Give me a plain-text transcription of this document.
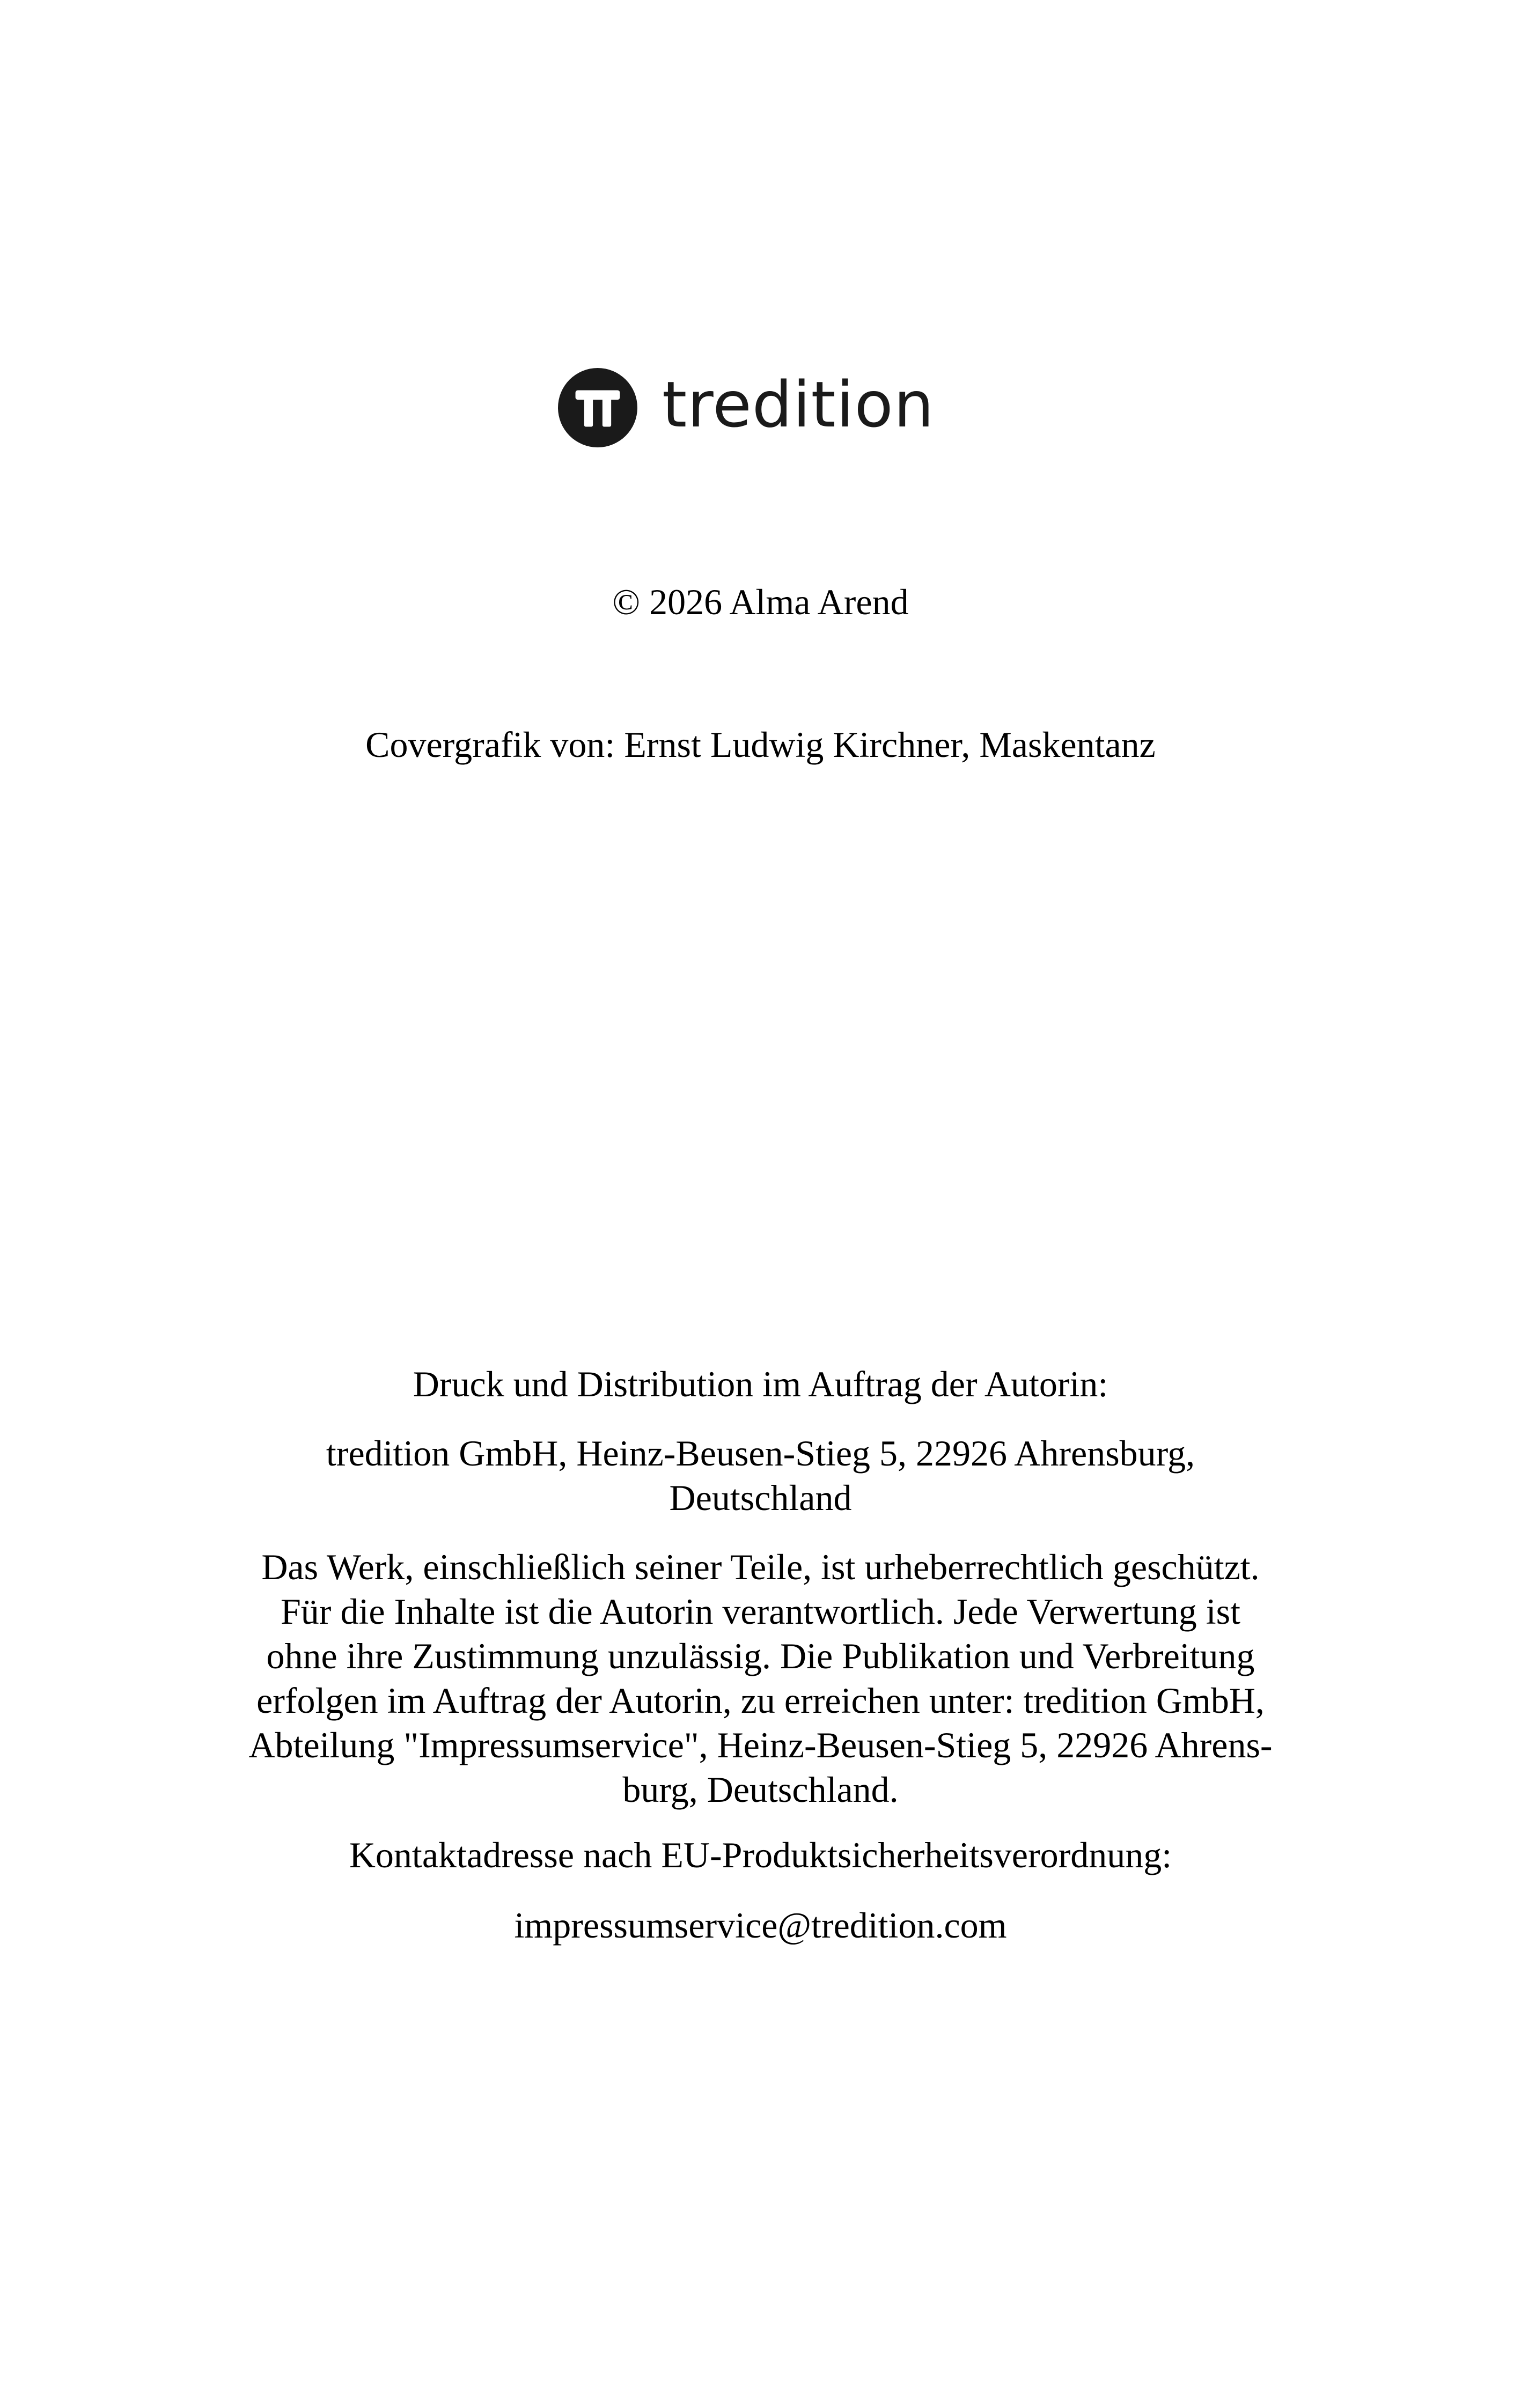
tredition
© 2026 Alma Arend
Covergrafik von: Ernst Ludwig Kirchner, Maskentanz
Druck und Distribution im Auftrag der Autorin:
tredition GmbH, Heinz-Beusen-Stieg 5, 22926 Ahrensburg,
Deutschland
Das Werk, einschließlich seiner Teile, ist urheberrechtlich geschützt.
Für die Inhalte ist die Autorin verantwortlich. Jede Verwertung ist
ohne ihre Zustimmung unzulässig. Die Publikation und Verbreitung
erfolgen im Auftrag der Autorin, zu erreichen unter: tredition GmbH,
Abteilung "Impressumservice", Heinz-Beusen-Stieg 5, 22926 Ahrens-
burg, Deutschland.
Kontaktadresse nach EU-Produktsicherheitsverordnung:
impressumservice@tredition.com
